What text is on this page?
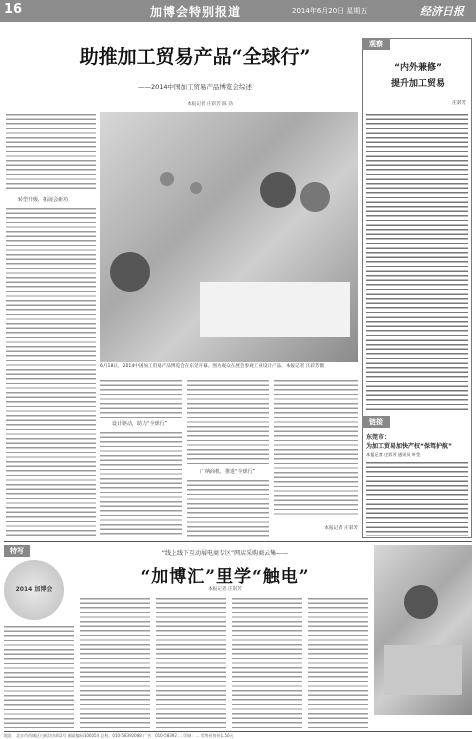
16	加博会特别报道	2014年6月20日 星期五	经济日报
助推加工贸易产品“全球行”
——2014中国加工贸易产品博览会综述
本报记者 庄彩芳 陈 劲
转型升级，拓展会新功
6月18日，2014中国加工贸易产品博览会在东莞开幕。图为观众在展会参观工业设计产品。本报记者 庄彩芳摄
设计驱动，助力“全球行”
广纳商机，推进“全球行”
本报记者 庄彩芳
观察
“内外兼修”
提升加工贸易
庄彩芳
链接
东莞市：
为加工贸易加快产权“保驾护航”
本报记者 庄彩芳 通讯员 叶莹
特写
2014 加博会
“线上线下互动展电商专区”网店采购商云集——
“加博汇”里学“触电”
本报记者 庄彩芳
地址：北京市西城区白纸坊东街2号 邮政编码100054 总机：010-58392088 广告：010-58392 … 印刷：… 零售价每份1.50元
